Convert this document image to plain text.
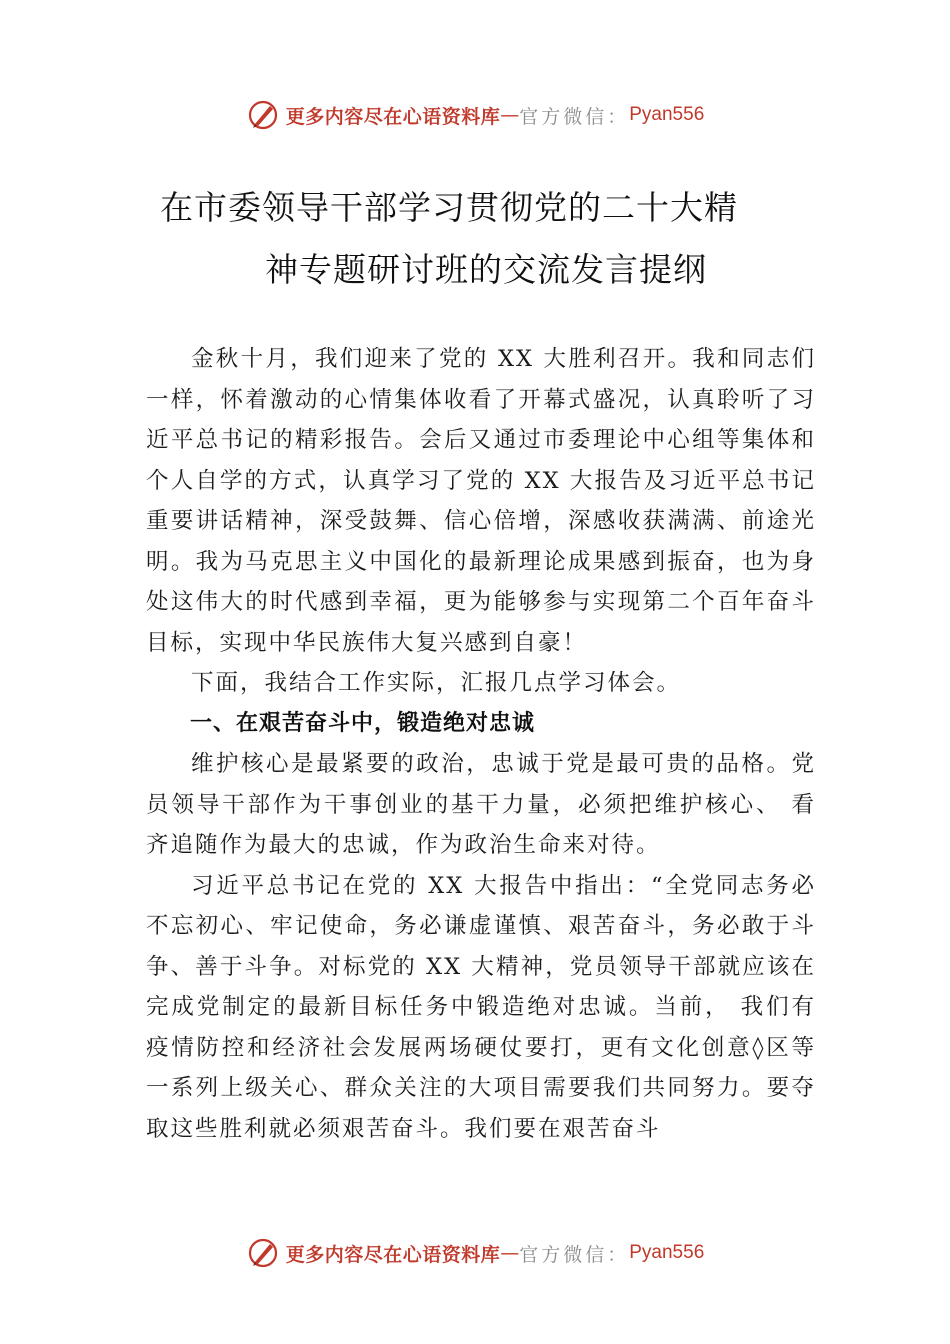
更多内容尽在心语资料库 — 官方微信： Pyan556
在市委领导干部学习贯彻党的二十大精
神专题研讨班的交流发言提纲

金秋十月，我们迎来了党的 XX 大胜利召开。我和同志们一样，怀着激动的心情集体收看了开幕式盛况，认真聆听了习近平总书记的精彩报告。会后又通过市委理论中心组等集体和个人自学的方式，认真学习了党的 XX 大报告及习近平总书记重要讲话精神，深受鼓舞、信心倍增，深感收获满满、前途光明。我为马克思主义中国化的最新理论成果感到振奋，也为身处这伟大的时代感到幸福，更为能够参与实现第二个百年奋斗目标，实现中华民族伟大复兴感到自豪！

下面，我结合工作实际，汇报几点学习体会。

一、在艰苦奋斗中，锻造绝对忠诚

维护核心是最紧要的政治，忠诚于党是最可贵的品格。党员领导干部作为干事创业的基干力量，必须把维护核心、 看齐追随作为最大的忠诚，作为政治生命来对待。

习近平总书记在党的 XX 大报告中指出：“全党同志务必不忘初心、牢记使命，务必谦虚谨慎、艰苦奋斗，务必敢于斗争、善于斗争。对标党的 XX 大精神，党员领导干部就应该在完成党制定的最新目标任务中锻造绝对忠诚。当前， 我们有疫情防控和经济社会发展两场硬仗要打，更有文化创意◊区等一系列上级关心、群众关注的大项目需要我们共同努力。要夺取这些胜利就必须艰苦奋斗。我们要在艰苦奋斗

更多内容尽在心语资料库 — 官方微信： Pyan556
